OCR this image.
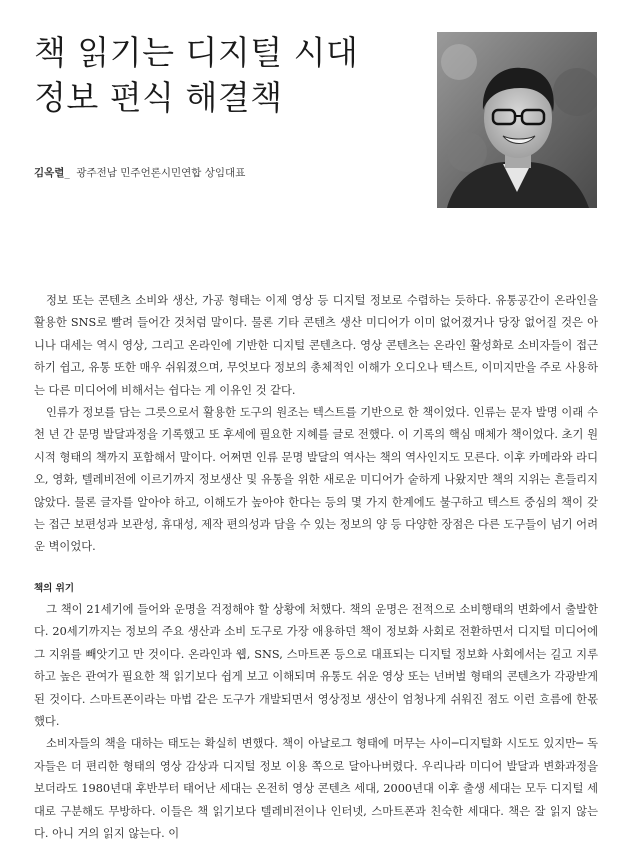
책 읽기는 디지털 시대
정보 편식 해결책
김옥렬_ 광주전남 민주언론시민연합 상임대표

정보 또는 콘텐츠 소비와 생산, 가공 형태는 이제 영상 등 디지털 정보로 수렴하는 듯하다. 유통공간이 온라인을 활용한 SNS로 빨려 들어간 것처럼 말이다. 물론 기타 콘텐츠 생산 미디어가 이미 없어졌거나 당장 없어질 것은 아니나 대세는 역시 영상, 그리고 온라인에 기반한 디지털 콘텐츠다. 영상 콘텐츠는 온라인 활성화로 소비자들이 접근하기 쉽고, 유통 또한 매우 쉬워졌으며, 무엇보다 정보의 총체적인 이해가 오디오나 텍스트, 이미지만을 주로 사용하는 다른 미디어에 비해서는 쉽다는 게 이유인 것 같다.

인류가 정보를 담는 그릇으로서 활용한 도구의 원조는 텍스트를 기반으로 한 책이었다. 인류는 문자 발명 이래 수천 년 간 문명 발달과정을 기록했고 또 후세에 필요한 지혜를 글로 전했다. 이 기록의 핵심 매체가 책이었다. 초기 원시적 형태의 책까지 포함해서 말이다. 어쩌면 인류 문명 발달의 역사는 책의 역사인지도 모른다. 이후 카메라와 라디오, 영화, 텔레비전에 이르기까지 정보생산 및 유통을 위한 새로운 미디어가 숱하게 나왔지만 책의 지위는 흔들리지 않았다. 물론 글자를 알아야 하고, 이해도가 높아야 한다는 등의 몇 가지 한계에도 불구하고 텍스트 중심의 책이 갖는 접근 보편성과 보관성, 휴대성, 제작 편의성과 담을 수 있는 정보의 양 등 다양한 장점은 다른 도구들이 넘기 어려운 벽이었다.

책의 위기

그 책이 21세기에 들어와 운명을 걱정해야 할 상황에 처했다. 책의 운명은 전적으로 소비행태의 변화에서 출발한다. 20세기까지는 정보의 주요 생산과 소비 도구로 가장 애용하던 책이 정보화 사회로 전환하면서 디지털 미디어에 그 지위를 빼앗기고 만 것이다. 온라인과 웹, SNS, 스마트폰 등으로 대표되는 디지털 정보화 사회에서는 길고 지루하고 높은 관여가 필요한 책 읽기보다 쉽게 보고 이해되며 유통도 쉬운 영상 또는 넌버벌 형태의 콘텐츠가 각광받게 된 것이다. 스마트폰이라는 마법 같은 도구가 개발되면서 영상정보 생산이 엄청나게 쉬워진 점도 이런 흐름에 한몫했다.

소비자들의 책을 대하는 태도는 확실히 변했다. 책이 아날로그 형태에 머무는 사이─디지털화 시도도 있지만─ 독자들은 더 편리한 형태의 영상 감상과 디지털 정보 이용 쪽으로 달아나버렸다. 우리나라 미디어 발달과 변화과정을 보더라도 1980년대 후반부터 태어난 세대는 온전히 영상 콘텐츠 세대, 2000년대 이후 출생 세대는 모두 디지털 세대로 구분해도 무방하다. 이들은 책 읽기보다 텔레비전이나 인터넷, 스마트폰과 친숙한 세대다. 책은 잘 읽지 않는다. 아니 거의 읽지 않는다. 이
